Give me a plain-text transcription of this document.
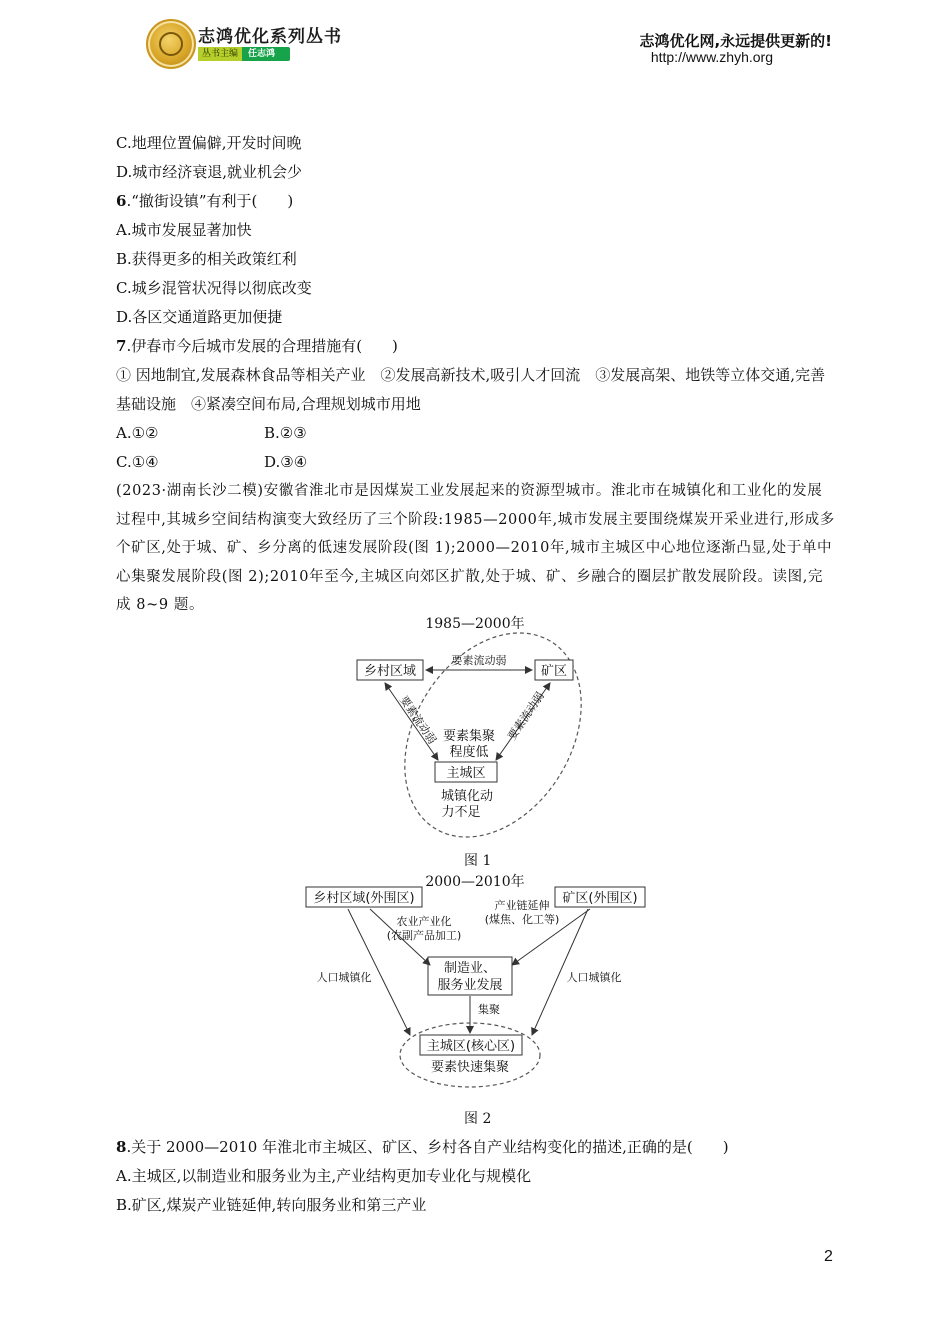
志鸿优化系列丛书
丛书主编 任志鸿
志鸿优化网,永远提供更新的!
http://www.zhyh.org
C.地理位置偏僻,开发时间晚
D.城市经济衰退,就业机会少
6.“撤街设镇”有利于(　　)
A.城市发展显著加快
B.获得更多的相关政策红利
C.城乡混管状况得以彻底改变
D.各区交通道路更加便捷
7.伊春市今后城市发展的合理措施有(　　)
① 因地制宜,发展森林食品等相关产业　②发展高新技术,吸引人才回流　③发展高架、地铁等立体交通,完善基础设施　④紧凑空间布局,合理规划城市用地
A.①②	B.②③
C.①④	D.③④
(2023·湖南长沙二模)安徽省淮北市是因煤炭工业发展起来的资源型城市。淮北市在城镇化和工业化的发展过程中,其城乡空间结构演变大致经历了三个阶段:1985—2000年,城市发展主要围绕煤炭开采业进行,形成多个矿区,处于城、矿、乡分离的低速发展阶段(图 1);2000—2010年,城市主城区中心地位逐渐凸显,处于单中心集聚发展阶段(图 2);2010年至今,主城区向郊区扩散,处于城、矿、乡融合的圈层扩散发展阶段。读图,完成 8~9 题。
1985—2000年
乡村区域	矿区
主城区
要素流动弱
要素流动弱	要素流动弱
要素集聚
程度低
城镇化动
力不足
图 1
2000—2010年
乡村区域(外围区)	矿区(外围区)
制造业、
服务业发展
主城区(核心区)
要素快速集聚
农业产业化
(农副产品加工)
产业链延伸
(煤焦、化工等)
人口城镇化	人口城镇化
集聚
图 2
8.关于 2000—2010 年淮北市主城区、矿区、乡村各自产业结构变化的描述,正确的是(　　)
A.主城区,以制造业和服务业为主,产业结构更加专业化与规模化
B.矿区,煤炭产业链延伸,转向服务业和第三产业
2
